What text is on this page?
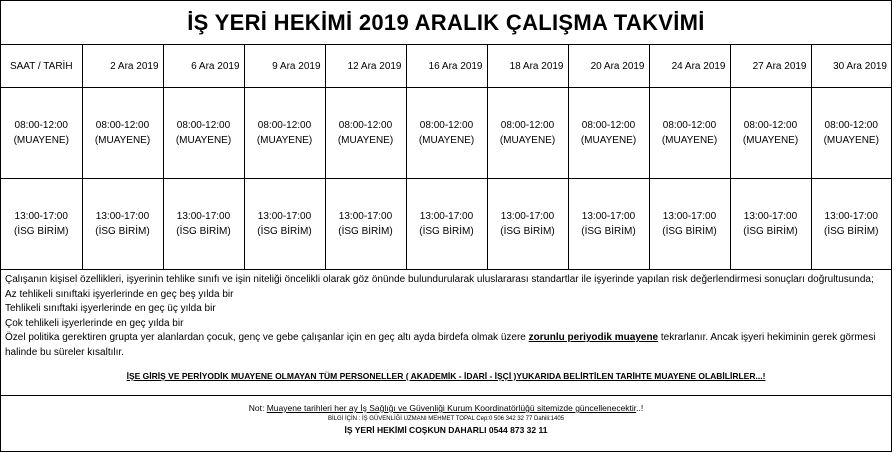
İŞ YERİ HEKİMİ 2019 ARALIK ÇALIŞMA TAKVİMİ
SAAT / TARİH	2 Ara 2019	6 Ara 2019	9 Ara 2019	12 Ara 2019	16 Ara 2019	18 Ara 2019	20 Ara 2019	24 Ara 2019	27 Ara 2019	30 Ara 2019
08:00-12:00
(MUAYENE)	08:00-12:00
(MUAYENE)	08:00-12:00
(MUAYENE)	08:00-12:00
(MUAYENE)	08:00-12:00
(MUAYENE)	08:00-12:00
(MUAYENE)	08:00-12:00
(MUAYENE)	08:00-12:00
(MUAYENE)	08:00-12:00
(MUAYENE)	08:00-12:00
(MUAYENE)	08:00-12:00
(MUAYENE)
13:00-17:00
(İSG BİRİM)	13:00-17:00
(İSG BİRİM)	13:00-17:00
(İSG BİRİM)	13:00-17:00
(İSG BİRİM)	13:00-17:00
(İSG BİRİM)	13:00-17:00
(İSG BİRİM)	13:00-17:00
(İSG BİRİM)	13:00-17:00
(İSG BİRİM)	13:00-17:00
(İSG BİRİM)	13:00-17:00
(İSG BİRİM)	13:00-17:00
(İSG BİRİM)
Çalışanın kişisel özellikleri, işyerinin tehlike sınıfı ve işin niteliği öncelikli olarak göz önünde bulundurularak uluslararası standartlar ile işyerinde yapılan risk değerlendirmesi sonuçları doğrultusunda;
Az tehlikeli sınıftaki işyerlerinde en geç beş yılda bir
Tehlikeli sınıftaki işyerlerinde en geç üç yılda bir
Çok tehlikeli işyerlerinde en geç yılda bir
Özel politika gerektiren grupta yer alanlardan çocuk, genç ve gebe çalışanlar için en geç altı ayda birdefa olmak üzere zorunlu periyodik muayene tekrarlanır. Ancak işyeri hekiminin gerek görmesi halinde bu süreler kısaltılır.
İŞE GİRİŞ VE PERİYODİK MUAYENE OLMAYAN TÜM PERSONELLER ( AKADEMİK - İDARİ - İŞÇİ )YUKARIDA BELİRTİLEN TARİHTE MUAYENE OLABİLİRLER...!
Not: Muayene tarihleri her ay İş Sağlığı ve Güvenliği Kurum Koordinatörlüğü sitemizde güncellenecektir..!
BİLGİ İÇİN : İŞ GÜVENLİĞİ UZMANI MEHMET TOPAL Cep:0 506 342 32 77 Dahili:1405
İŞ YERİ HEKİMİ COŞKUN DAHARLI 0544 873 32 11
